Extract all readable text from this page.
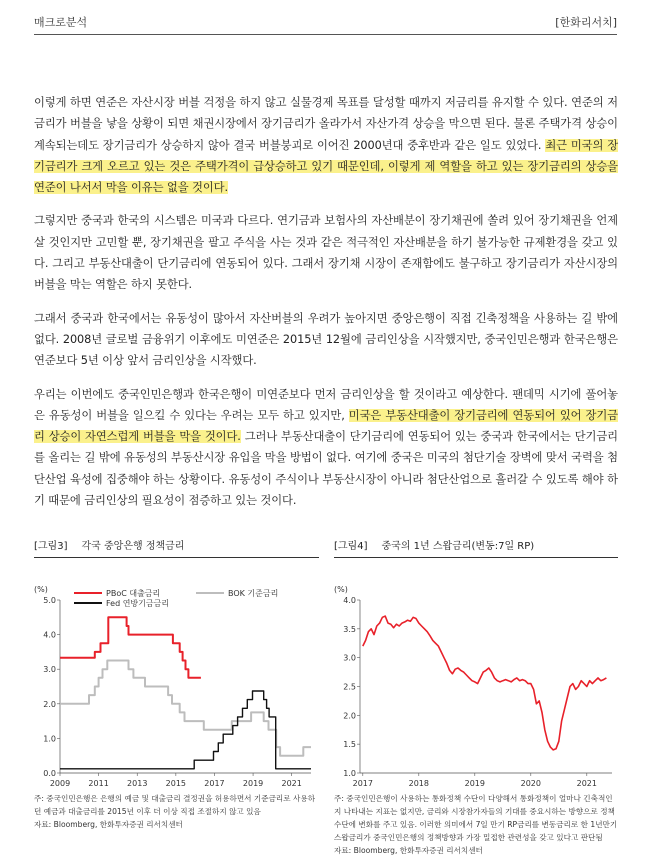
매크로분석	[한화리서치]

이렇게 하면 연준은 자산시장 버블 걱정을 하지 않고 실물경제 목표를 달성할 때까지 저금리를 유지할 수 있다. 연준의 저금리가 버블을 낳을 상황이 되면 채권시장에서 장기금리가 올라가서 자산가격 상승을 막으면 된다. 물론 주택가격 상승이 계속되는데도 장기금리가 상승하지 않아 결국 버블붕괴로 이어진 2000년대 중후반과 같은 일도 있었다. 최근 미국의 장기금리가 크게 오르고 있는 것은 주택가격이 급상승하고 있기 때문인데, 이렇게 제 역할을 하고 있는 장기금리의 상승을 연준이 나서서 막을 이유는 없을 것이다.

그렇지만 중국과 한국의 시스템은 미국과 다르다. 연기금과 보험사의 자산배분이 장기채권에 쏠려 있어 장기채권을 언제 살 것인지만 고민할 뿐, 장기채권을 팔고 주식을 사는 것과 같은 적극적인 자산배분을 하기 불가능한 규제환경을 갖고 있다. 그리고 부동산대출이 단기금리에 연동되어 있다. 그래서 장기채 시장이 존재함에도 불구하고 장기금리가 자산시장의 버블을 막는 역할은 하지 못한다.

그래서 중국과 한국에서는 유동성이 많아서 자산버블의 우려가 높아지면 중앙은행이 직접 긴축정책을 사용하는 길 밖에 없다. 2008년 글로벌 금융위기 이후에도 미연준은 2015년 12월에 금리인상을 시작했지만, 중국인민은행과 한국은행은 연준보다 5년 이상 앞서 금리인상을 시작했다.

우리는 이번에도 중국인민은행과 한국은행이 미연준보다 먼저 금리인상을 할 것이라고 예상한다. 팬데믹 시기에 풀어놓은 유동성이 버블을 일으킬 수 있다는 우려는 모두 하고 있지만, 미국은 부동산대출이 장기금리에 연동되어 있어 장기금리 상승이 자연스럽게 버블을 막을 것이다. 그러나 부동산대출이 단기금리에 연동되어 있는 중국과 한국에서는 단기금리를 올리는 길 밖에 유동성의 부동산시장 유입을 막을 방법이 없다. 여기에 중국은 미국의 첨단기술 장벽에 맞서 국력을 첨단산업 육성에 집중해야 하는 상황이다. 유동성이 주식이나 부동산시장이 아니라 첨단산업으로 흘러갈 수 있도록 해야 하기 때문에 금리인상의 필요성이 점증하고 있는 것이다.

[그림3] 각국 중앙은행 정책금리
(%)
0.0
1.0
2.0
3.0
4.0
5.0
2009 2011 2013 2015 2017 2019 2021
PBoC 대출금리
Fed 연방기금금리
BOK 기준금리

주: 중국인민은행은 은행의 예금 및 대출금리 결정권을 허용하면서 기준금리로 사용하던 예금과 대출금리를 2015년 이후 더 이상 직접 조절하지 않고 있음

자료: Bloomberg, 한화투자증권 리서치센터

[그림4] 중국의 1년 스왑금리(변동:7일 RP)
(%)
1.0
1.5
2.0
2.5
3.0
3.5
4.0
2017	2018	2019	2020	2021

주: 중국인민은행이 사용하는 통화정책 수단이 다양해서 통화정책이 얼마나 긴축적인지 나타내는 지표는 없지만, 금리와 시장참가자들의 기대를 중요시하는 방향으로 정책수단에 변화를 주고 있음. 이러한 의미에서 7일 만기 RP금리를 변동금리로 한 1년만기 스왑금리가 중국인민은행의 정책방향과 가장 밀접한 관련성을 갖고 있다고 판단됨

자료: Bloomberg, 한화투자증권 리서치센터
